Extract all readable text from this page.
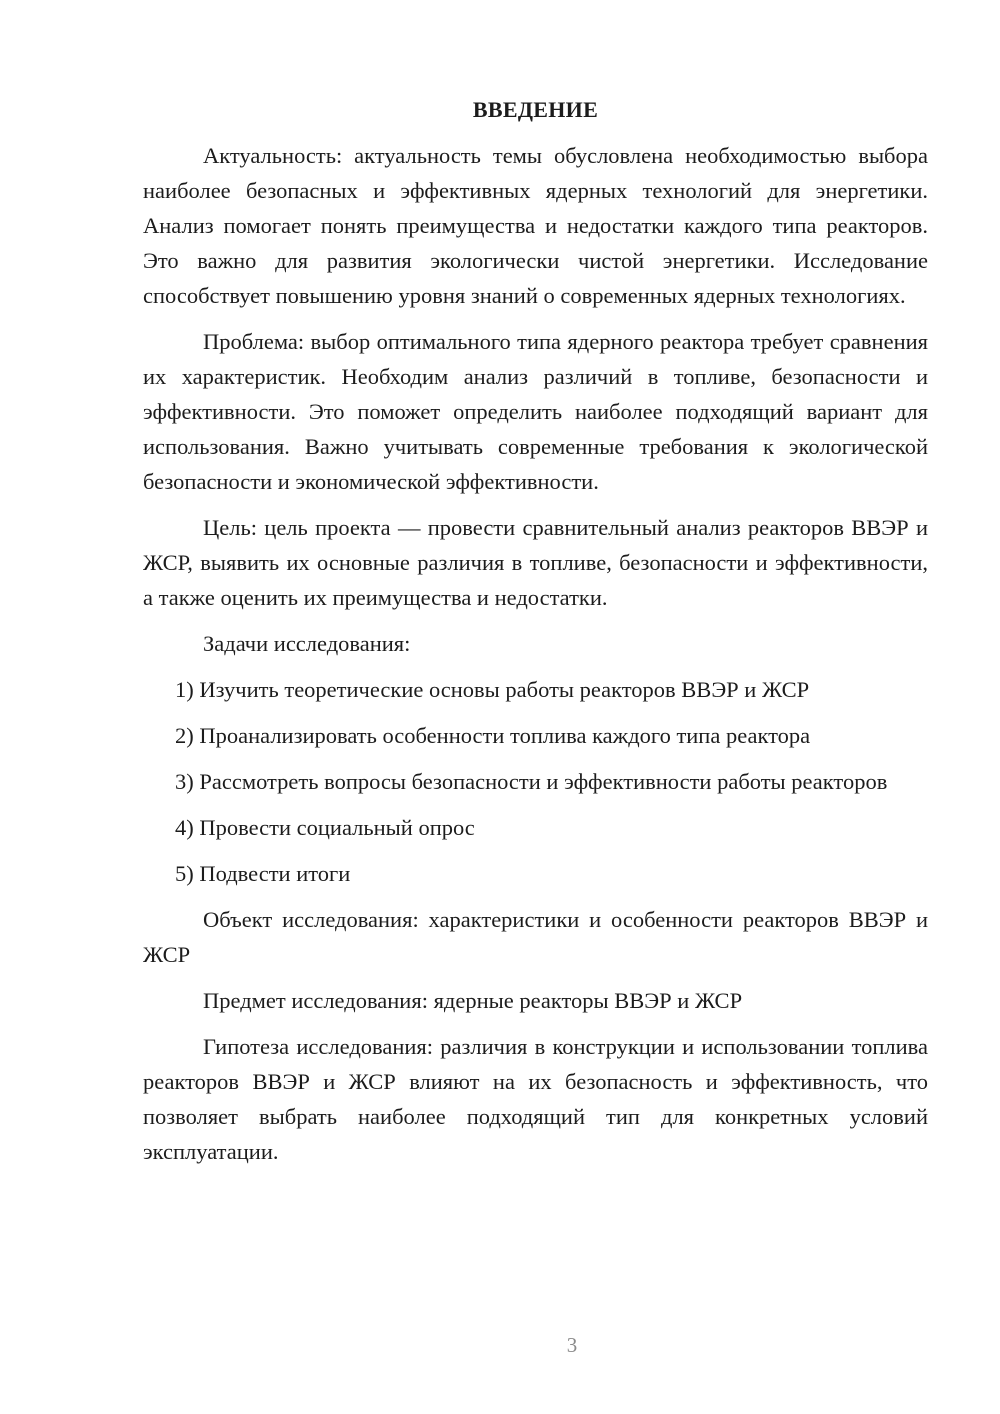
ВВЕДЕНИЕ

Актуальность: актуальность темы обусловлена необходимостью выбора наиболее безопасных и эффективных ядерных технологий для энергетики. Анализ помогает понять преимущества и недостатки каждого типа реакторов. Это важно для развития экологически чистой энергетики. Исследование способствует повышению уровня знаний о современных ядерных технологиях.

Проблема: выбор оптимального типа ядерного реактора требует сравнения их характеристик. Необходим анализ различий в топливе, безопасности и эффективности. Это поможет определить наиболее подходящий вариант для использования. Важно учитывать современные требования к экологической безопасности и экономической эффективности.

Цель: цель проекта — провести сравнительный анализ реакторов ВВЭР и ЖСР, выявить их основные различия в топливе, безопасности и эффективности, а также оценить их преимущества и недостатки.

Задачи исследования:

1) Изучить теоретические основы работы реакторов ВВЭР и ЖСР

2) Проанализировать особенности топлива каждого типа реактора

3) Рассмотреть вопросы безопасности и эффективности работы реакторов

4) Провести социальный опрос

5) Подвести итоги

Объект исследования: характеристики и особенности реакторов ВВЭР и ЖСР

Предмет исследования: ядерные реакторы ВВЭР и ЖСР

Гипотеза исследования: различия в конструкции и использовании топлива реакторов ВВЭР и ЖСР влияют на их безопасность и эффективность, что позволяет выбрать наиболее подходящий тип для конкретных условий эксплуатации.

3
